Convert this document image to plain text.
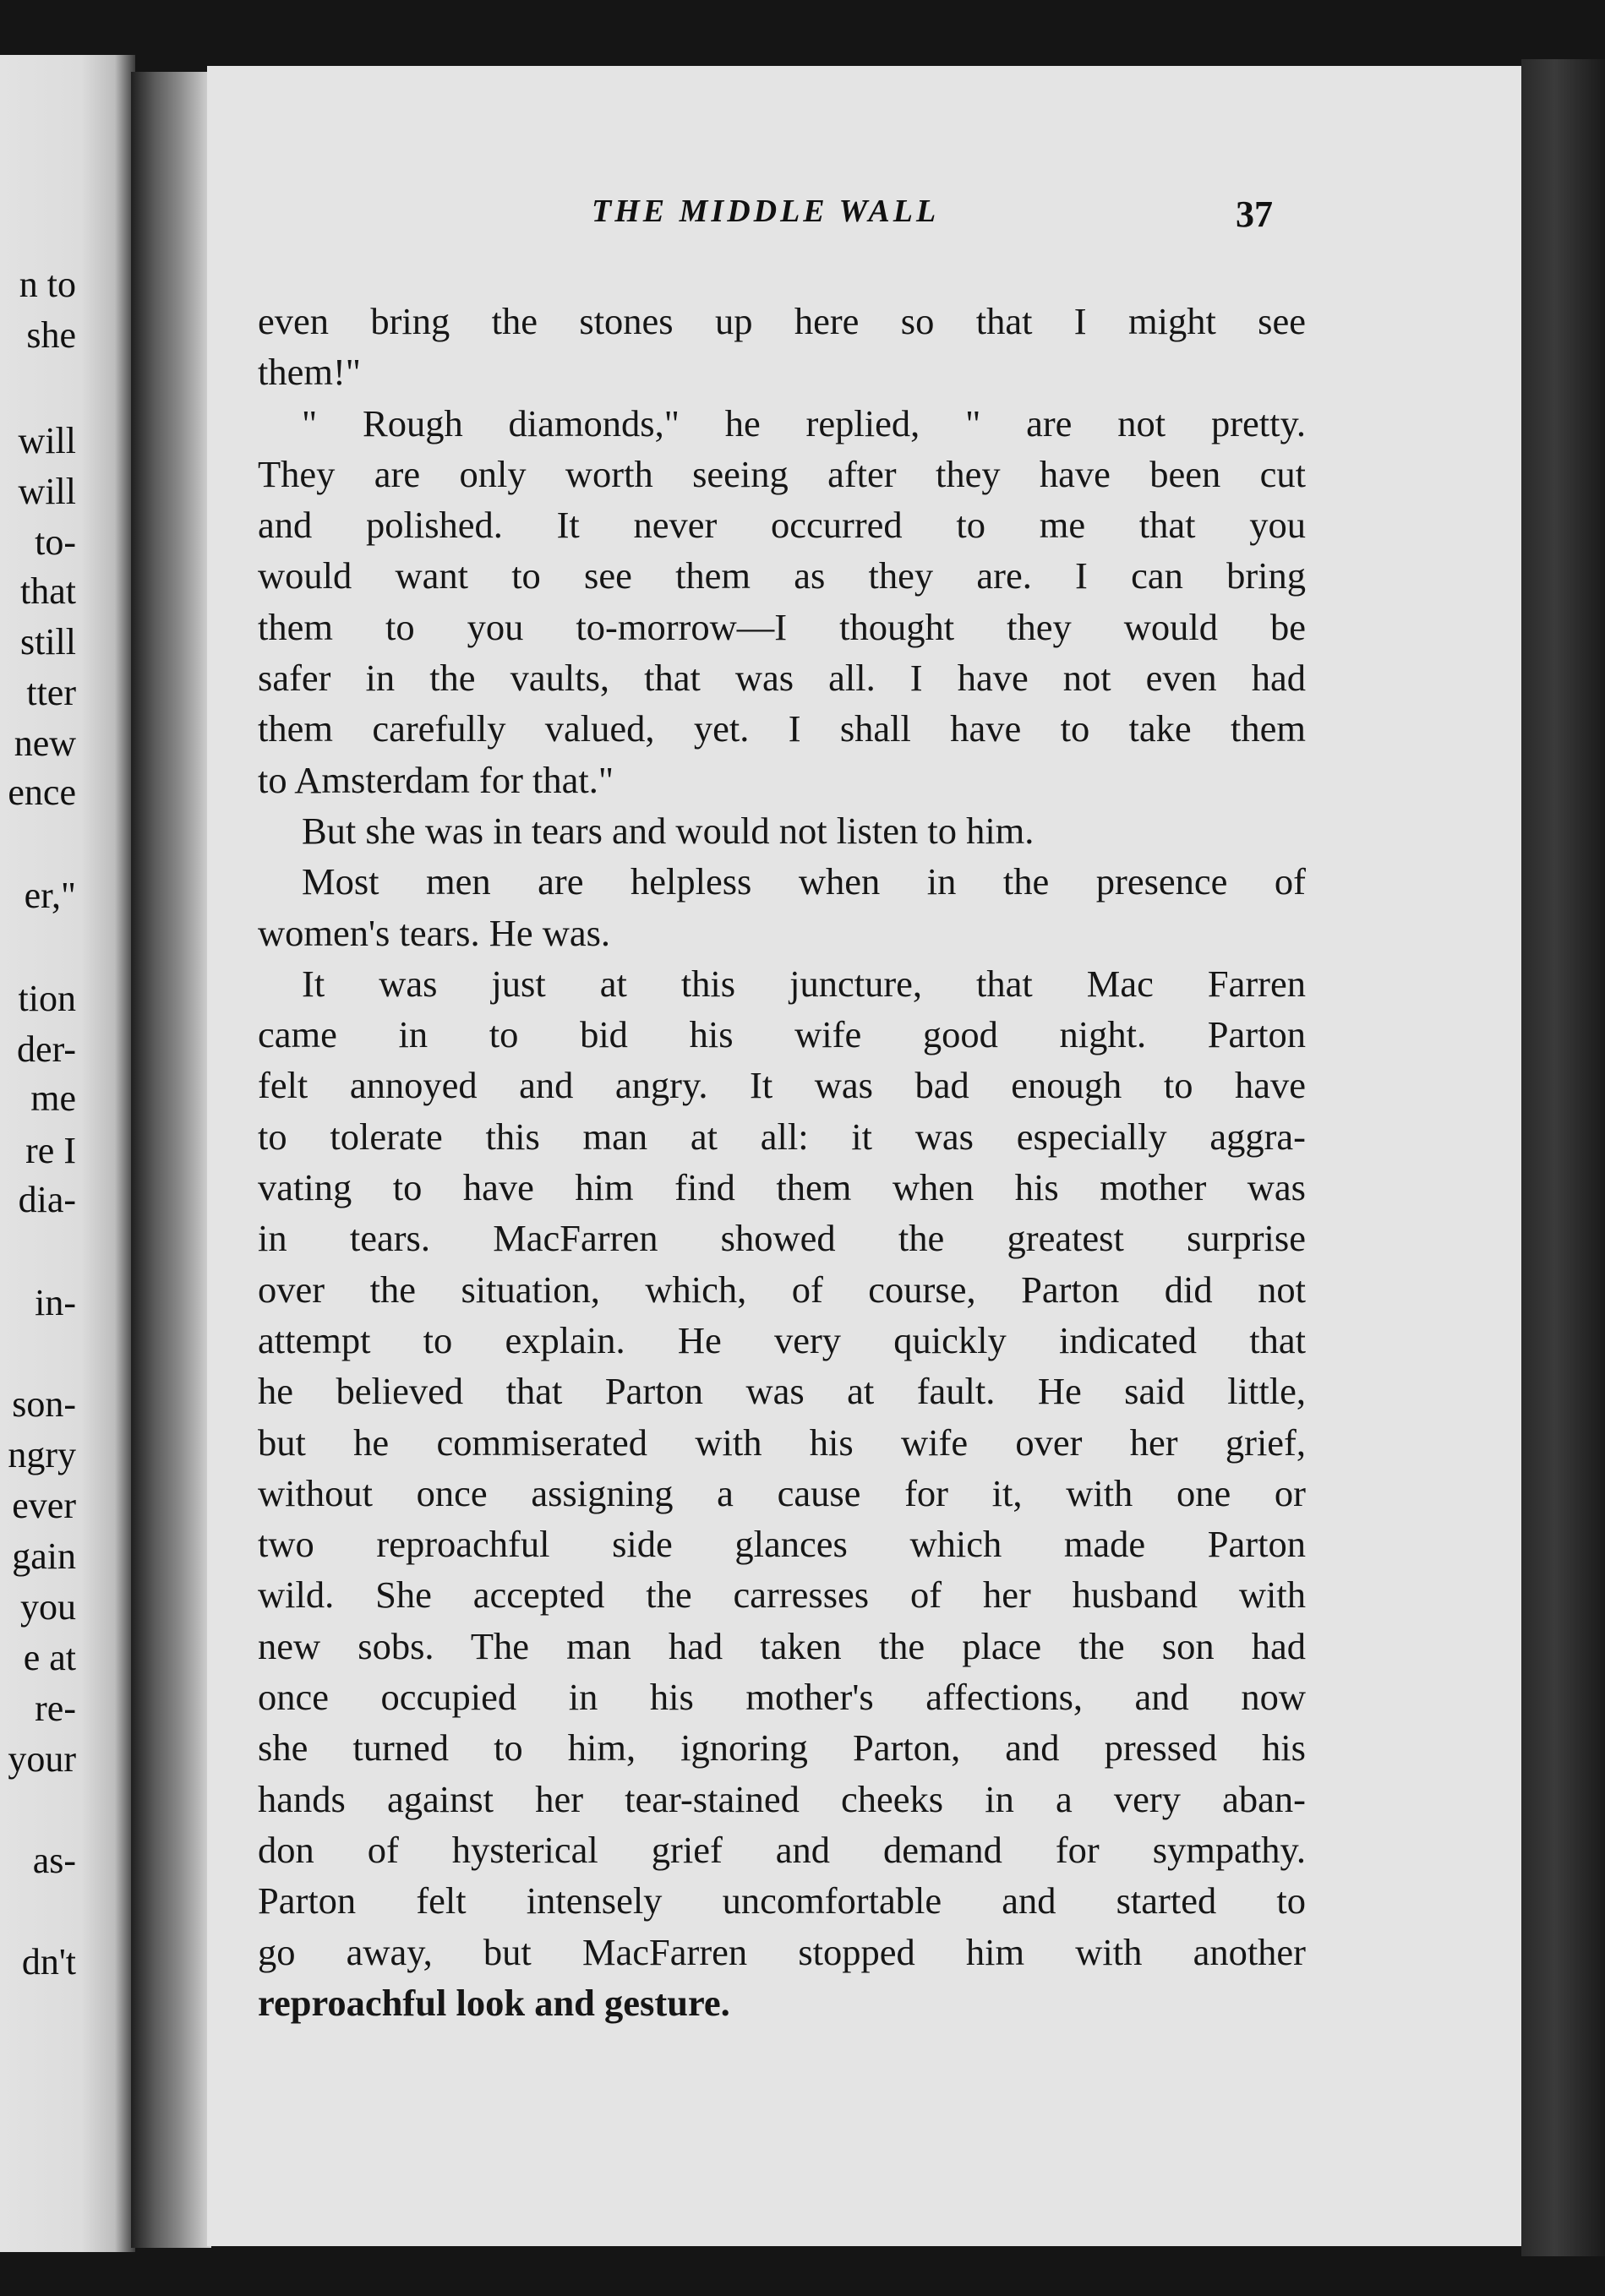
n to
she
will
will
to-
that
still
tter
new
ence
er,"
tion
der-
me
re I
dia-
in-
son-
ngry
ever
gain
you
e at
re-
your
as-
dn't
THE MIDDLE WALL	37
even bring the stones up here so that I might see
them!"
" Rough diamonds," he replied, " are not pretty.
They are only worth seeing after they have been cut
and polished. It never occurred to me that you
would want to see them as they are. I can bring
them to you to-morrow—I thought they would be
safer in the vaults, that was all. I have not even had
them carefully valued, yet. I shall have to take them
to Amsterdam for that."
But she was in tears and would not listen to him.
Most men are helpless when in the presence of
women's tears. He was.
It was just at this juncture, that Mac Farren
came in to bid his wife good night. Parton
felt annoyed and angry. It was bad enough to have
to tolerate this man at all: it was especially aggra-
vating to have him find them when his mother was
in tears. MacFarren showed the greatest surprise
over the situation, which, of course, Parton did not
attempt to explain. He very quickly indicated that
he believed that Parton was at fault. He said little,
but he commiserated with his wife over her grief,
without once assigning a cause for it, with one or
two reproachful side glances which made Parton
wild. She accepted the carresses of her husband with
new sobs. The man had taken the place the son had
once occupied in his mother's affections, and now
she turned to him, ignoring Parton, and pressed his
hands against her tear-stained cheeks in a very aban-
don of hysterical grief and demand for sympathy.
Parton felt intensely uncomfortable and started to
go away, but MacFarren stopped him with another
reproachful look and gesture.
